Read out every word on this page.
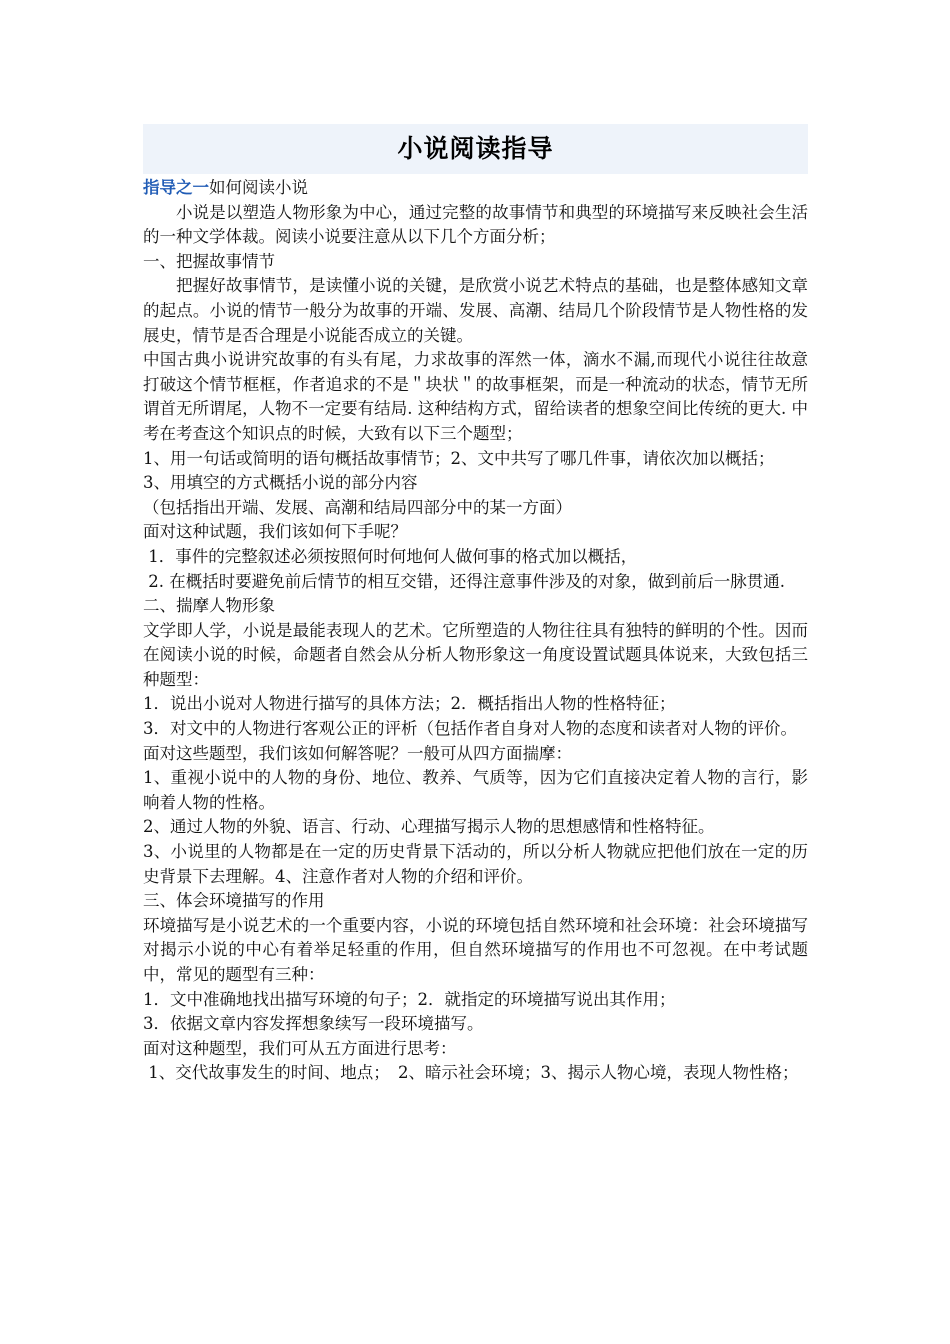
小说阅读指导

指导之一如何阅读小说

小说是以塑造人物形象为中心，通过完整的故事情节和典型的环境描写来反映社会生活的一种文学体裁。阅读小说要注意从以下几个方面分析；

一、把握故事情节

把握好故事情节，是读懂小说的关键，是欣赏小说艺术特点的基础，也是整体感知文章的起点。小说的情节一般分为故事的开端、发展、高潮、结局几个阶段情节是人物性格的发展史，情节是否合理是小说能否成立的关键。

中国古典小说讲究故事的有头有尾，力求故事的浑然一体，滴水不漏,而现代小说往往故意打破这个情节框框，作者追求的不是＂块状＂的故事框架，而是一种流动的状态，情节无所谓首无所谓尾，人物不一定要有结局. 这种结构方式，留给读者的想象空间比传统的更大. 中考在考查这个知识点的时候，大致有以下三个题型；

1、用一句话或简明的语句概括故事情节；2、文中共写了哪几件事，请依次加以概括；

3、用填空的方式概括小说的部分内容

（包括指出开端、发展、高潮和结局四部分中的某一方面）

面对这种试题，我们该如何下手呢？

1．事件的完整叙述必须按照何时何地何人做何事的格式加以概括，

2. 在概括时要避免前后情节的相互交错，还得注意事件涉及的对象，做到前后一脉贯通.

二、揣摩人物形象

文学即人学，小说是最能表现人的艺术。它所塑造的人物往往具有独特的鲜明的个性。因而在阅读小说的时候，命题者自然会从分析人物形象这一角度设置试题具体说来，大致包括三种题型：

1．说出小说对人物进行描写的具体方法；2．概括指出人物的性格特征；

3．对文中的人物进行客观公正的评析（包括作者自身对人物的态度和读者对人物的评价。

面对这些题型，我们该如何解答呢？一般可从四方面揣摩：

1、重视小说中的人物的身份、地位、教养、气质等，因为它们直接决定着人物的言行，影响着人物的性格。

2、通过人物的外貌、语言、行动、心理描写揭示人物的思想感情和性格特征。

3、小说里的人物都是在一定的历史背景下活动的，所以分析人物就应把他们放在一定的历史背景下去理解。4、注意作者对人物的介绍和评价。

三、体会环境描写的作用

环境描写是小说艺术的一个重要内容，小说的环境包括自然环境和社会环境：社会环境描写对揭示小说的中心有着举足轻重的作用，但自然环境描写的作用也不可忽视。在中考试题中，常见的题型有三种：

1．文中准确地找出描写环境的句子；2．就指定的环境描写说出其作用；

3．依据文章内容发挥想象续写一段环境描写。

面对这种题型，我们可从五方面进行思考：

1、交代故事发生的时间、地点；　2、暗示社会环境；3、揭示人物心境，表现人物性格；
